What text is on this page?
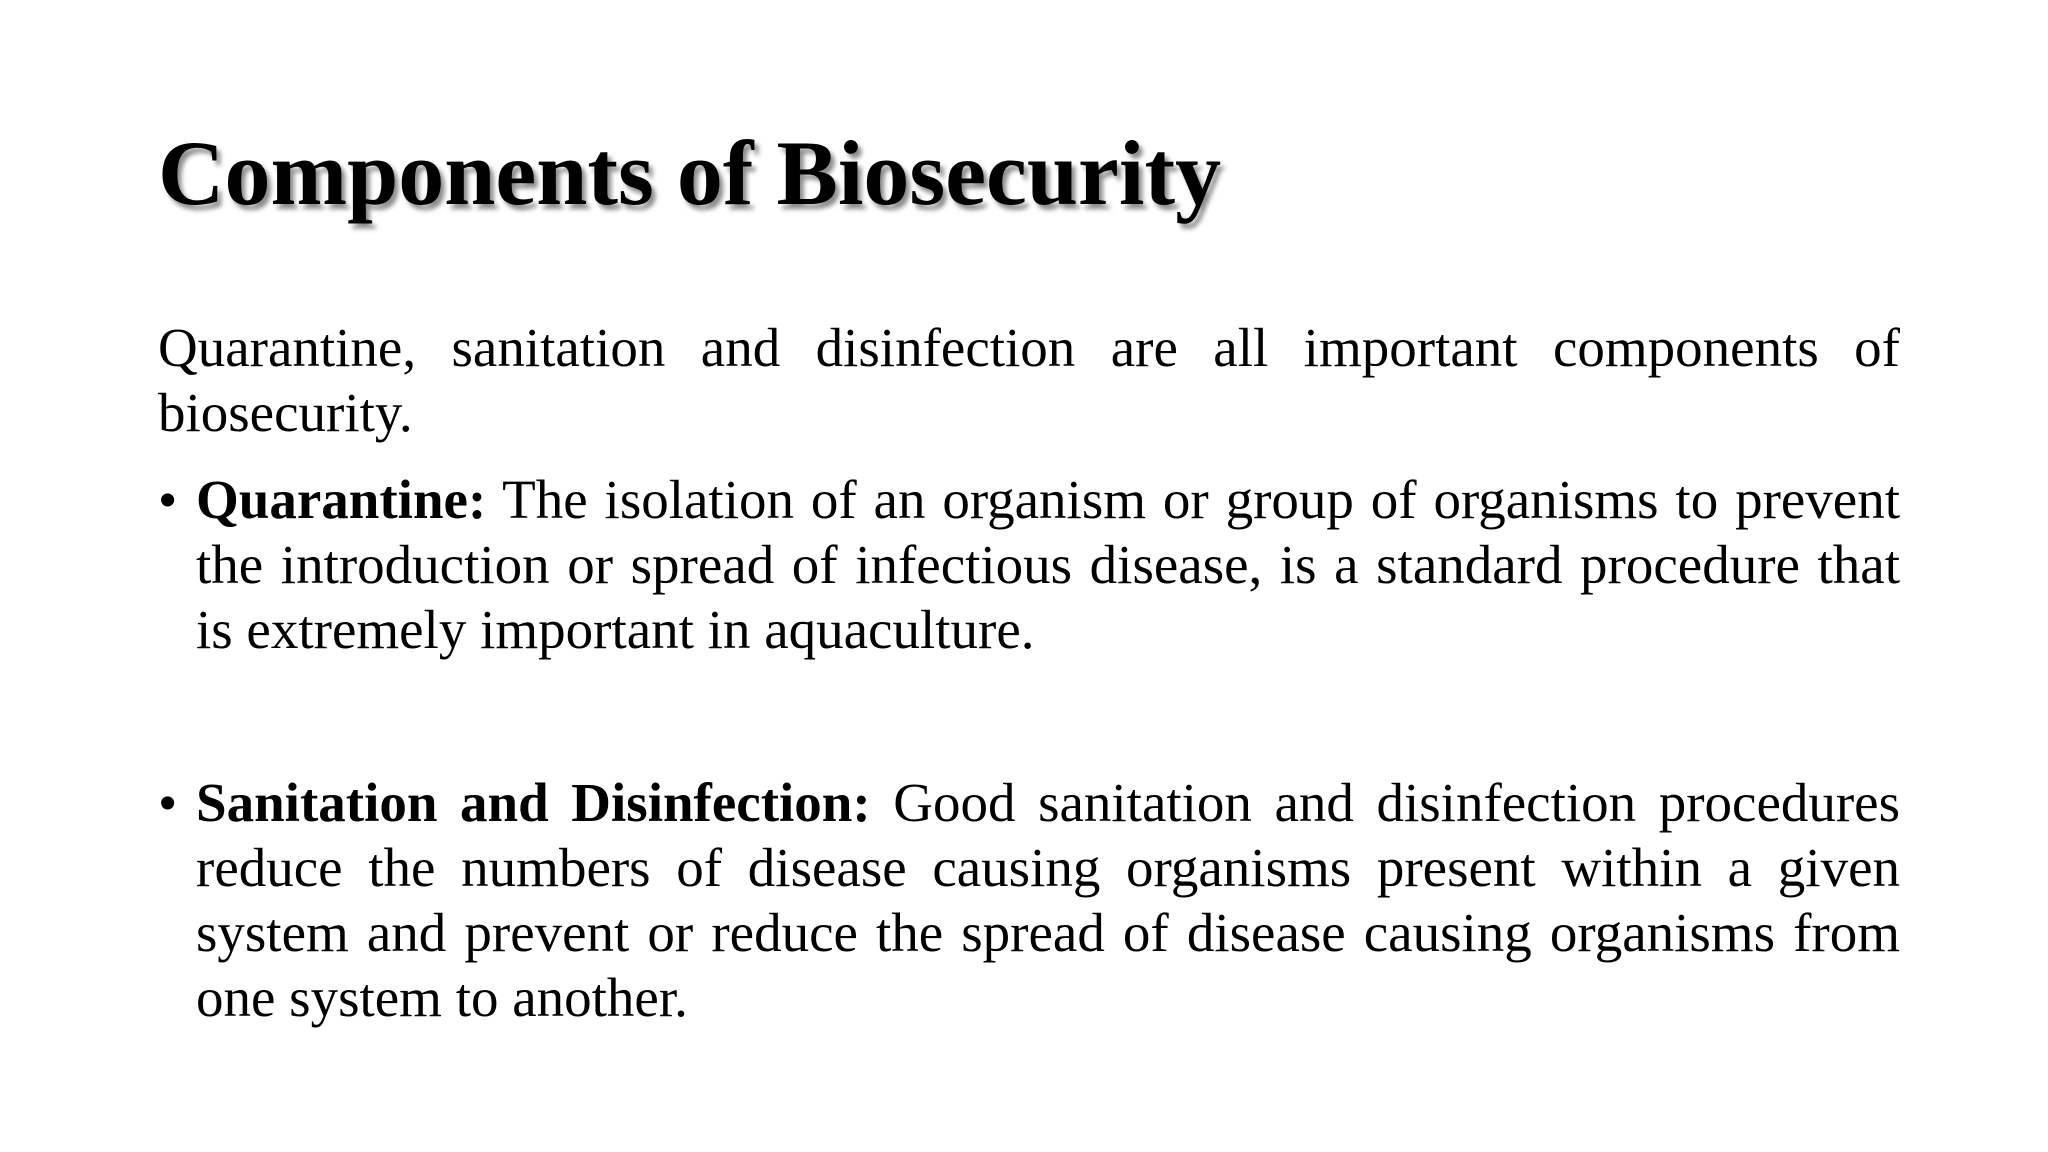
Components of Biosecurity

Quarantine, sanitation and disinfection are all important components of biosecurity.

• Quarantine: The isolation of an organism or group of organisms to prevent the introduction or spread of infectious disease, is a standard procedure that is extremely important in aquaculture.
• Sanitation and Disinfection: Good sanitation and disinfection procedures reduce the numbers of disease causing organisms present within a given system and prevent or reduce the spread of disease causing organisms from one system to another.
